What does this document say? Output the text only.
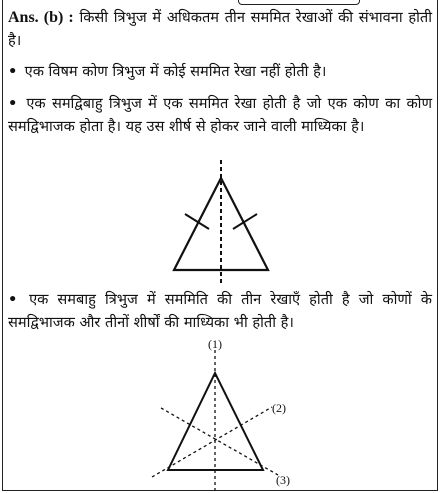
Ans. (b) : किसी त्रिभुज में अधिकतम तीन सममित रेखाओं की संभावना होती है।

• एक विषम कोण त्रिभुज में कोई सममित रेखा नहीं होती है।

• एक समद्विबाहु त्रिभुज में एक सममित रेखा होती है जो एक कोण का कोण समद्विभाजक होता है। यह उस शीर्ष से होकर जाने वाली माध्यिका है।

(1)
(2)
(3)

• एक समबाहु त्रिभुज में सममिति की तीन रेखाएँ होती है जो कोणों के समद्विभाजक और तीनों शीर्षों की माध्यिका भी होती है।
